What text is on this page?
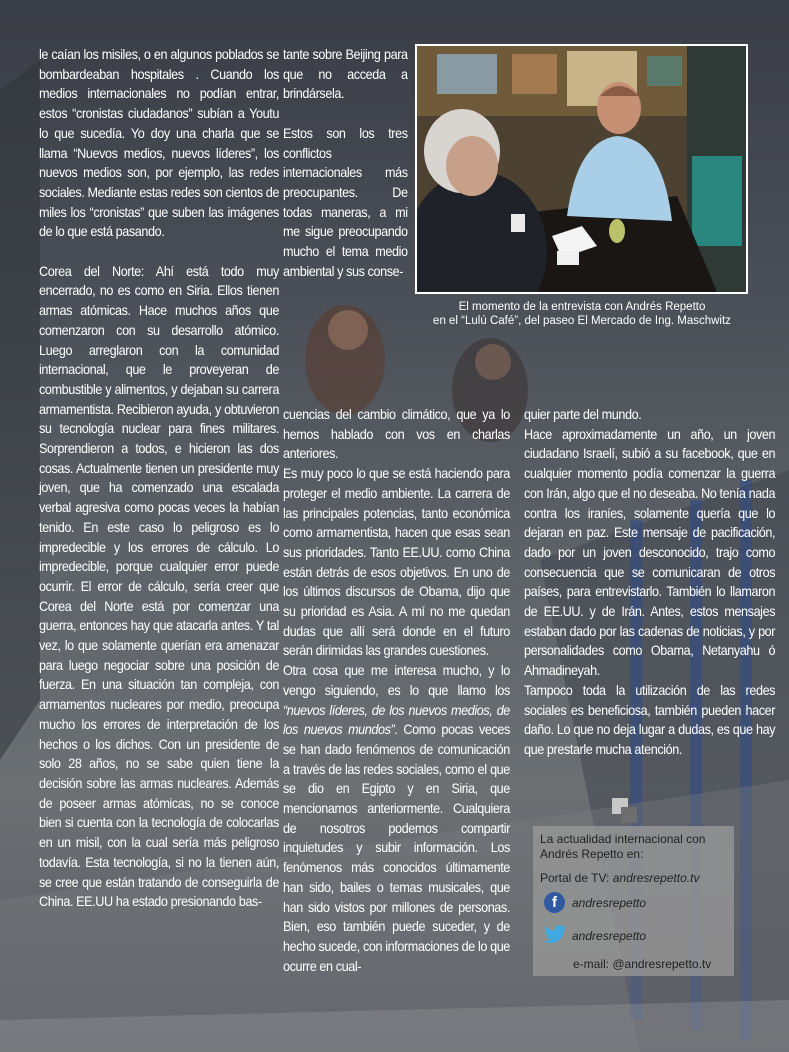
le caían los misiles, o en algunos poblados se bombardeaban hospitales . Cuando los medios internacionales no podían entrar, estos “cronistas ciudadanos” subían a Youtu lo que sucedía. Yo doy una charla que se llama “Nuevos medios, nuevos líderes”, los nuevos medios son, por ejemplo, las redes sociales. Mediante estas redes son cientos de miles los “cronistas” que suben las imágenes de lo que está pasando.

Corea del Norte: Ahí está todo muy encerrado, no es como en Siria. Ellos tienen armas atómicas. Hace muchos años que comenzaron con su desarrollo atómico. Luego arreglaron con la comunidad internacional, que le proveyeran de combustible y alimentos, y dejaban su carrera armamentista. Recibieron ayuda, y obtuvieron su tecnología nuclear para fines militares. Sorprendieron a todos, e hicieron las dos cosas. Actualmente tienen un presidente muy joven, que ha comenzado una escalada verbal agresiva como pocas veces la habían tenido. En este caso lo peligroso es lo impredecible y los errores de cálculo. Lo impredecible, porque cualquier error puede ocurrir. El error de cálculo, sería creer que Corea del Norte está por comenzar una guerra, entonces hay que atacarla antes. Y tal vez, lo que solamente querían era amenazar para luego negociar sobre una posición de fuerza. En una situación tan compleja, con armamentos nucleares por medio, preocupa mucho los errores de interpretación de los hechos o los dichos. Con un presidente de solo 28 años, no se sabe quien tiene la decisión sobre las armas nucleares. Además de poseer armas atómicas, no se conoce bien si cuenta con la tecnología de colocarlas en un misil, con la cual sería más peligroso todavía. Esta tecnología, si no la tienen aún, se cree que están tratando de conseguirla de China. EE.UU ha estado presionando bas-

tante sobre Beijing para que no acceda a brindársela.

Estos son los tres conflictos internacionales más preocupantes. De todas maneras, a mi me sigue preocupando mucho el tema medio ambiental y sus conse-

El momento de la entrevista con Andrés Repetto
en el “Lulú Café”, del paseo El Mercado de Ing. Maschwitz

cuencias del cambio climático, que ya lo hemos hablado con vos en charlas anteriores.

Es muy poco lo que se está haciendo para proteger el medio ambiente. La carrera de las principales potencias, tanto económica como armamentista, hacen que esas sean sus prioridades. Tanto EE.UU. como China están detrás de esos objetivos. En uno de los últimos discursos de Obama, dijo que su prioridad es Asia. A mí no me quedan dudas que allí será donde en el futuro serán dirimidas las grandes cuestiones.

Otra cosa que me interesa mucho, y lo vengo siguiendo, es lo que llamo los “nuevos líderes, de los nuevos medios, de los nuevos mundos”. Como pocas veces se han dado fenómenos de comunicación a través de las redes sociales, como el que se dio en Egipto y en Siria, que mencionamos anteriormente. Cualquiera de nosotros podemos compartir inquietudes y subir información. Los fenómenos más conocidos últimamente han sido, bailes o temas musicales, que han sido vistos por millones de personas. Bien, eso también puede suceder, y de hecho sucede, con informaciones de lo que ocurre en cual-

quier parte del mundo.

Hace aproximadamente un año, un joven ciudadano Israelí, subió a su facebook, que en cualquier momento podía comenzar la guerra con Irán, algo que el no deseaba. No tenía nada contra los iraníes, solamente quería que lo dejaran en paz. Este mensaje de pacificación, dado por un joven desconocido, trajo como consecuencia que se comunicaran de otros países, para entrevistarlo. También lo llamaron de EE.UU. y de Irán. Antes, estos mensajes estaban dado por las cadenas de noticias, y por personalidades como Obama, Netanyahu ó Ahmadineyah.

Tampoco toda la utilización de las redes sociales es beneficiosa, también pueden hacer daño. Lo que no deja lugar a dudas, es que hay que prestarle mucha atención.

La actualidad internacional con
Andrés Repetto en:
Portal de TV: andresrepetto.tv
f	andresrepetto
andresrepetto
e-mail: @andresrepetto.tv
